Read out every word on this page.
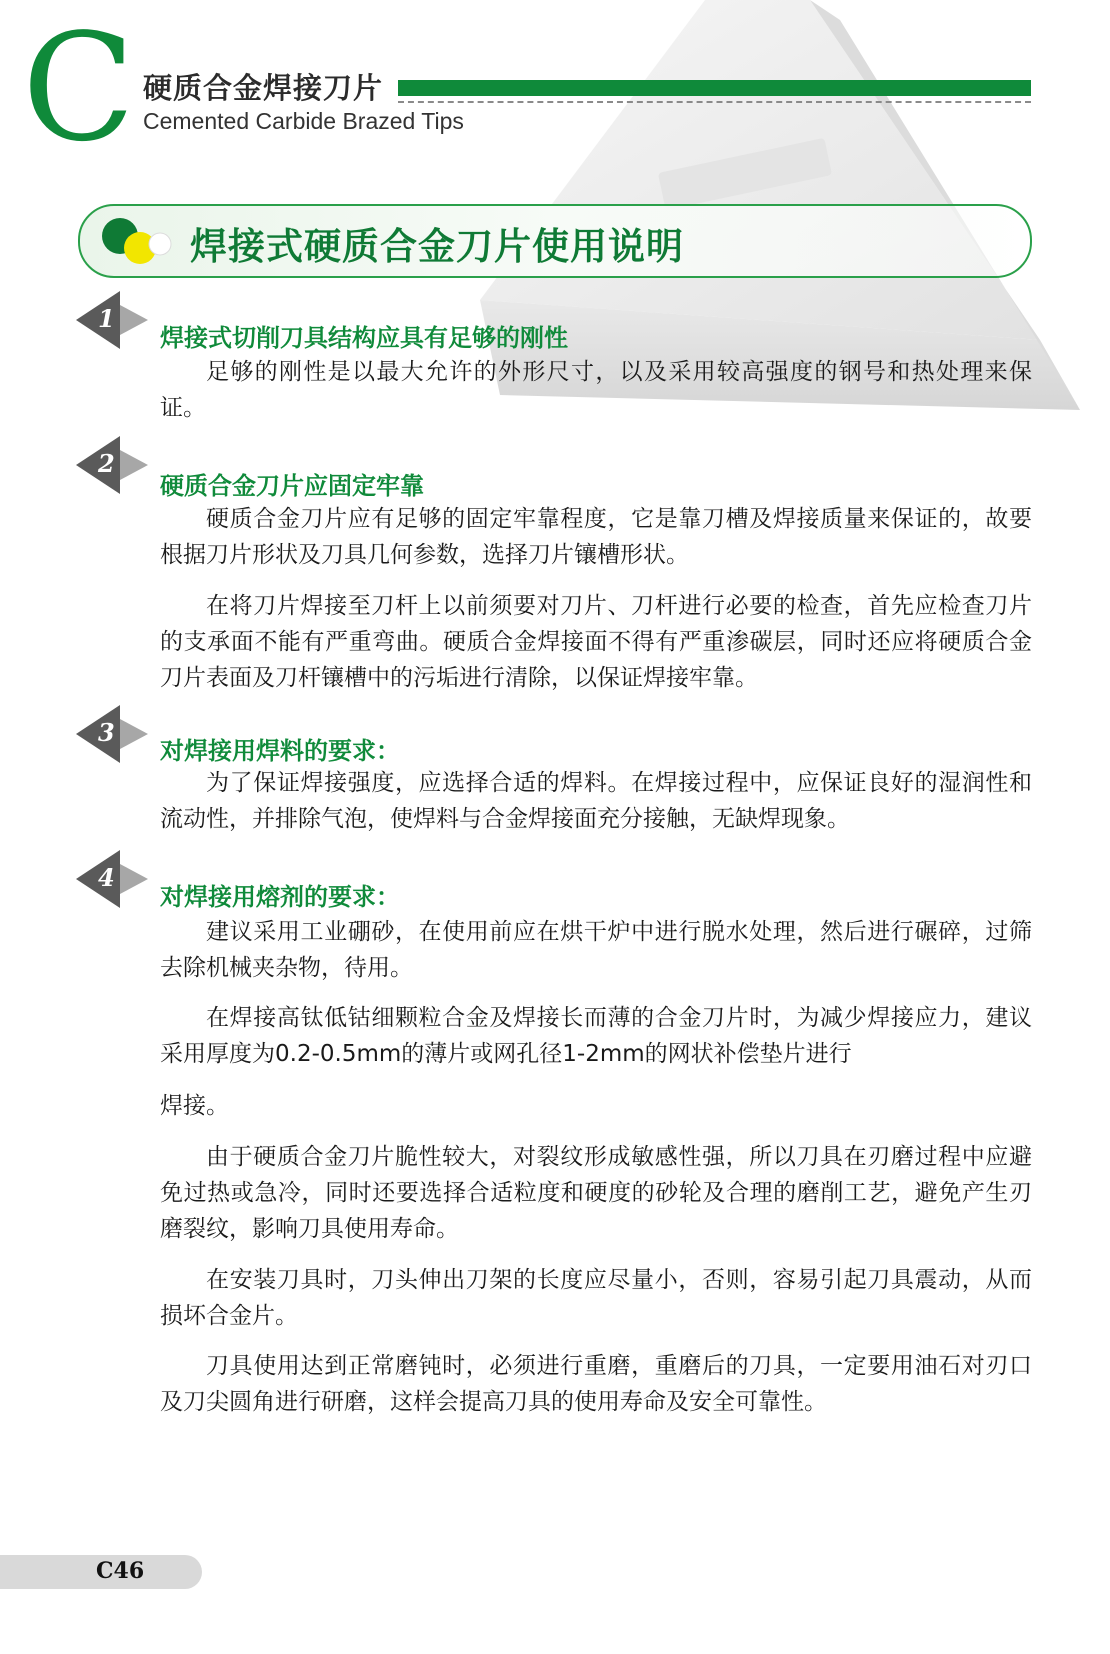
C 硬质合金焊接刀片
Cemented Carbide Brazed Tips
焊接式硬质合金刀片使用说明
1
焊接式切削刀具结构应具有足够的刚性

足够的刚性是以最大允许的外形尺寸，以及采用较高强度的钢号和热处理来保证。

2
硬质合金刀片应固定牢靠

硬质合金刀片应有足够的固定牢靠程度，它是靠刀槽及焊接质量来保证的，故要根据刀片形状及刀具几何参数，选择刀片镶槽形状。

在将刀片焊接至刀杆上以前须要对刀片、刀杆进行必要的检查，首先应检查刀片的支承面不能有严重弯曲。硬质合金焊接面不得有严重渗碳层，同时还应将硬质合金刀片表面及刀杆镶槽中的污垢进行清除，以保证焊接牢靠。

3
对焊接用焊料的要求：

为了保证焊接强度，应选择合适的焊料。在焊接过程中，应保证良好的湿润性和流动性，并排除气泡，使焊料与合金焊接面充分接触，无缺焊现象。

4
对焊接用熔剂的要求：

建议采用工业硼砂，在使用前应在烘干炉中进行脱水处理，然后进行碾碎，过筛去除机械夹杂物，待用。

在焊接高钛低钴细颗粒合金及焊接长而薄的合金刀片时，为减少焊接应力，建议采用厚度为0.2-0.5mm的薄片或网孔径1-2mm的网状补偿垫片进行

焊接。

由于硬质合金刀片脆性较大，对裂纹形成敏感性强，所以刀具在刃磨过程中应避免过热或急冷，同时还要选择合适粒度和硬度的砂轮及合理的磨削工艺，避免产生刃磨裂纹，影响刀具使用寿命。

在安装刀具时，刀头伸出刀架的长度应尽量小，否则，容易引起刀具震动，从而损坏合金片。

刀具使用达到正常磨钝时，必须进行重磨，重磨后的刀具，一定要用油石对刃口及刀尖圆角进行研磨，这样会提高刀具的使用寿命及安全可靠性。

C46
